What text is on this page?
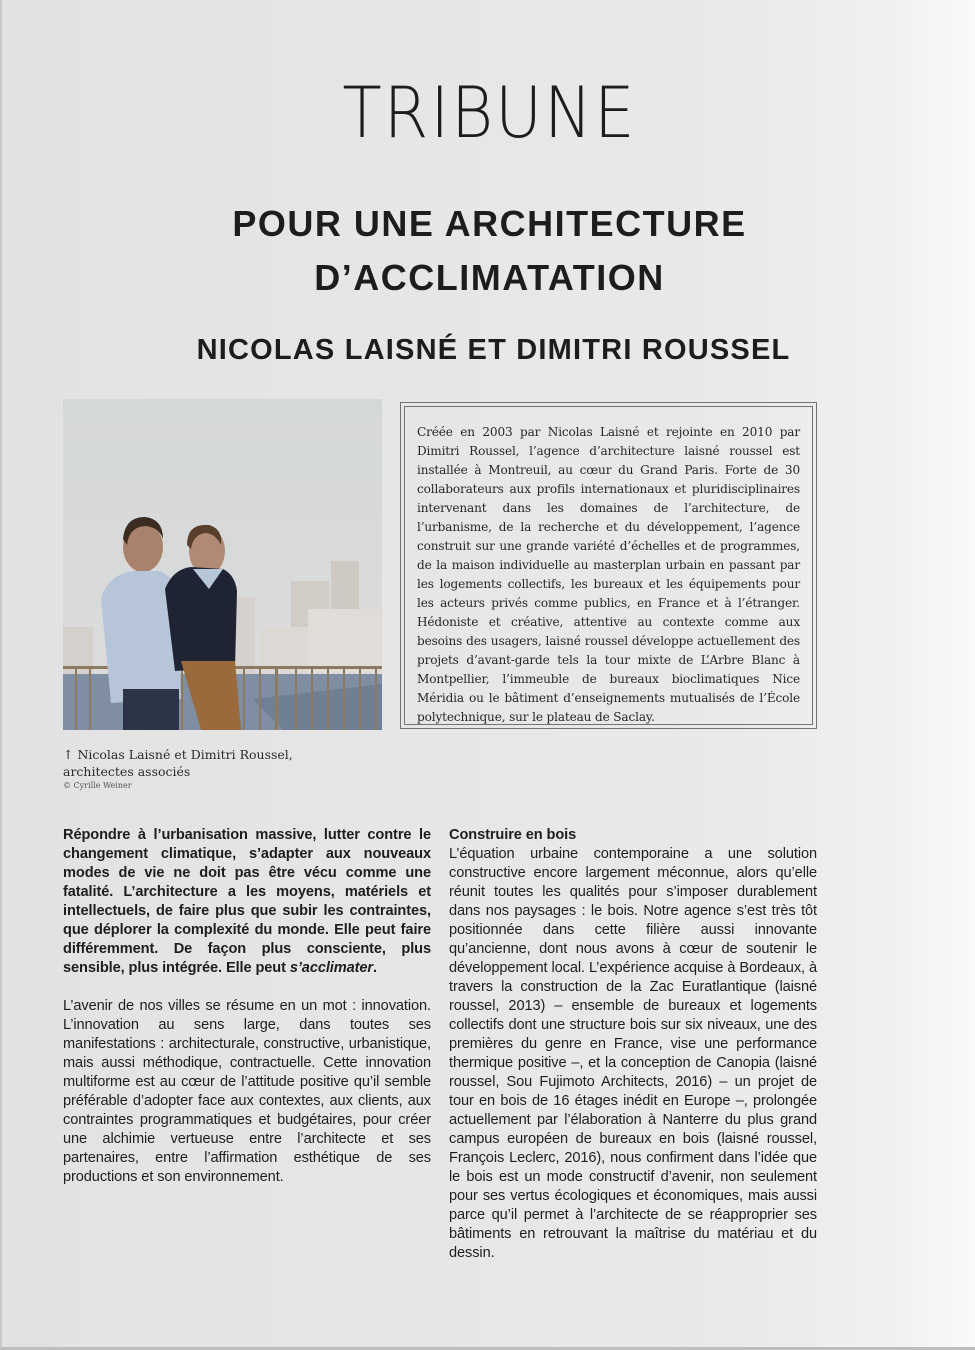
TRIBUNE
POUR UNE ARCHITECTURE
D’ACCLIMATATION
NICOLAS LAISNÉ ET DIMITRI ROUSSEL
↑ Nicolas Laisné et Dimitri Roussel,
architectes associés
© Cyrille Weiner

Créée en 2003 par Nicolas Laisné et rejointe en 2010 par Dimitri Roussel, l’agence d’architecture laisné roussel est installée à Montreuil, au cœur du Grand Paris. Forte de 30 collaborateurs aux profils internationaux et pluridisciplinaires intervenant dans les domaines de l’architecture, de l’urbanisme, de la recherche et du développement, l’agence construit sur une grande variété d’échelles et de programmes, de la maison individuelle au masterplan urbain en passant par les logements collectifs, les bureaux et les équipements pour les acteurs privés comme publics, en France et à l’étranger. Hédoniste et créative, attentive au contexte comme aux besoins des usagers, laisné roussel développe actuellement des projets d’avant-garde tels la tour mixte de L’Arbre Blanc à Montpellier, l’immeuble de bureaux bioclimatiques Nice Méridia ou le bâtiment d’enseignements mutualisés de l’École polytechnique, sur le plateau de Saclay.

Répondre à l’urbanisation massive, lutter contre le changement climatique, s’adapter aux nouveaux modes de vie ne doit pas être vécu comme une fatalité. L’architecture a les moyens, matériels et intellectuels, de faire plus que subir les contraintes, que déplorer la complexité du monde. Elle peut faire différemment. De façon plus consciente, plus sensible, plus intégrée. Elle peut s’acclimater.

L’avenir de nos villes se résume en un mot : innovation. L’innovation au sens large, dans toutes ses manifestations : architecturale, constructive, urbanistique, mais aussi méthodique, contractuelle. Cette innovation multiforme est au cœur de l’attitude positive qu’il semble préférable d’adopter face aux contextes, aux clients, aux contraintes programmatiques et budgétaires, pour créer une alchimie vertueuse entre l’architecte et ses partenaires, entre l’affirmation esthétique de ses productions et son environnement.

Construire en bois

L’équation urbaine contemporaine a une solution constructive encore largement méconnue, alors qu’elle réunit toutes les qualités pour s’imposer durablement dans nos paysages : le bois. Notre agence s’est très tôt positionnée dans cette filière aussi innovante qu’ancienne, dont nous avons à cœur de soutenir le développement local. L’expérience acquise à Bordeaux, à travers la construction de la Zac Euratlantique (laisné roussel, 2013) – ensemble de bureaux et logements collectifs dont une structure bois sur six niveaux, une des premières du genre en France, vise une performance thermique positive –, et la conception de Canopia (laisné roussel, Sou Fujimoto Architects, 2016) – un projet de tour en bois de 16 étages inédit en Europe –, prolongée actuellement par l’élaboration à Nanterre du plus grand campus européen de bureaux en bois (laisné roussel, François Leclerc, 2016), nous confirment dans l’idée que le bois est un mode constructif d’avenir, non seulement pour ses vertus écologiques et économiques, mais aussi parce qu’il permet à l’architecte de se réapproprier ses bâtiments en retrouvant la maîtrise du matériau et du dessin.
